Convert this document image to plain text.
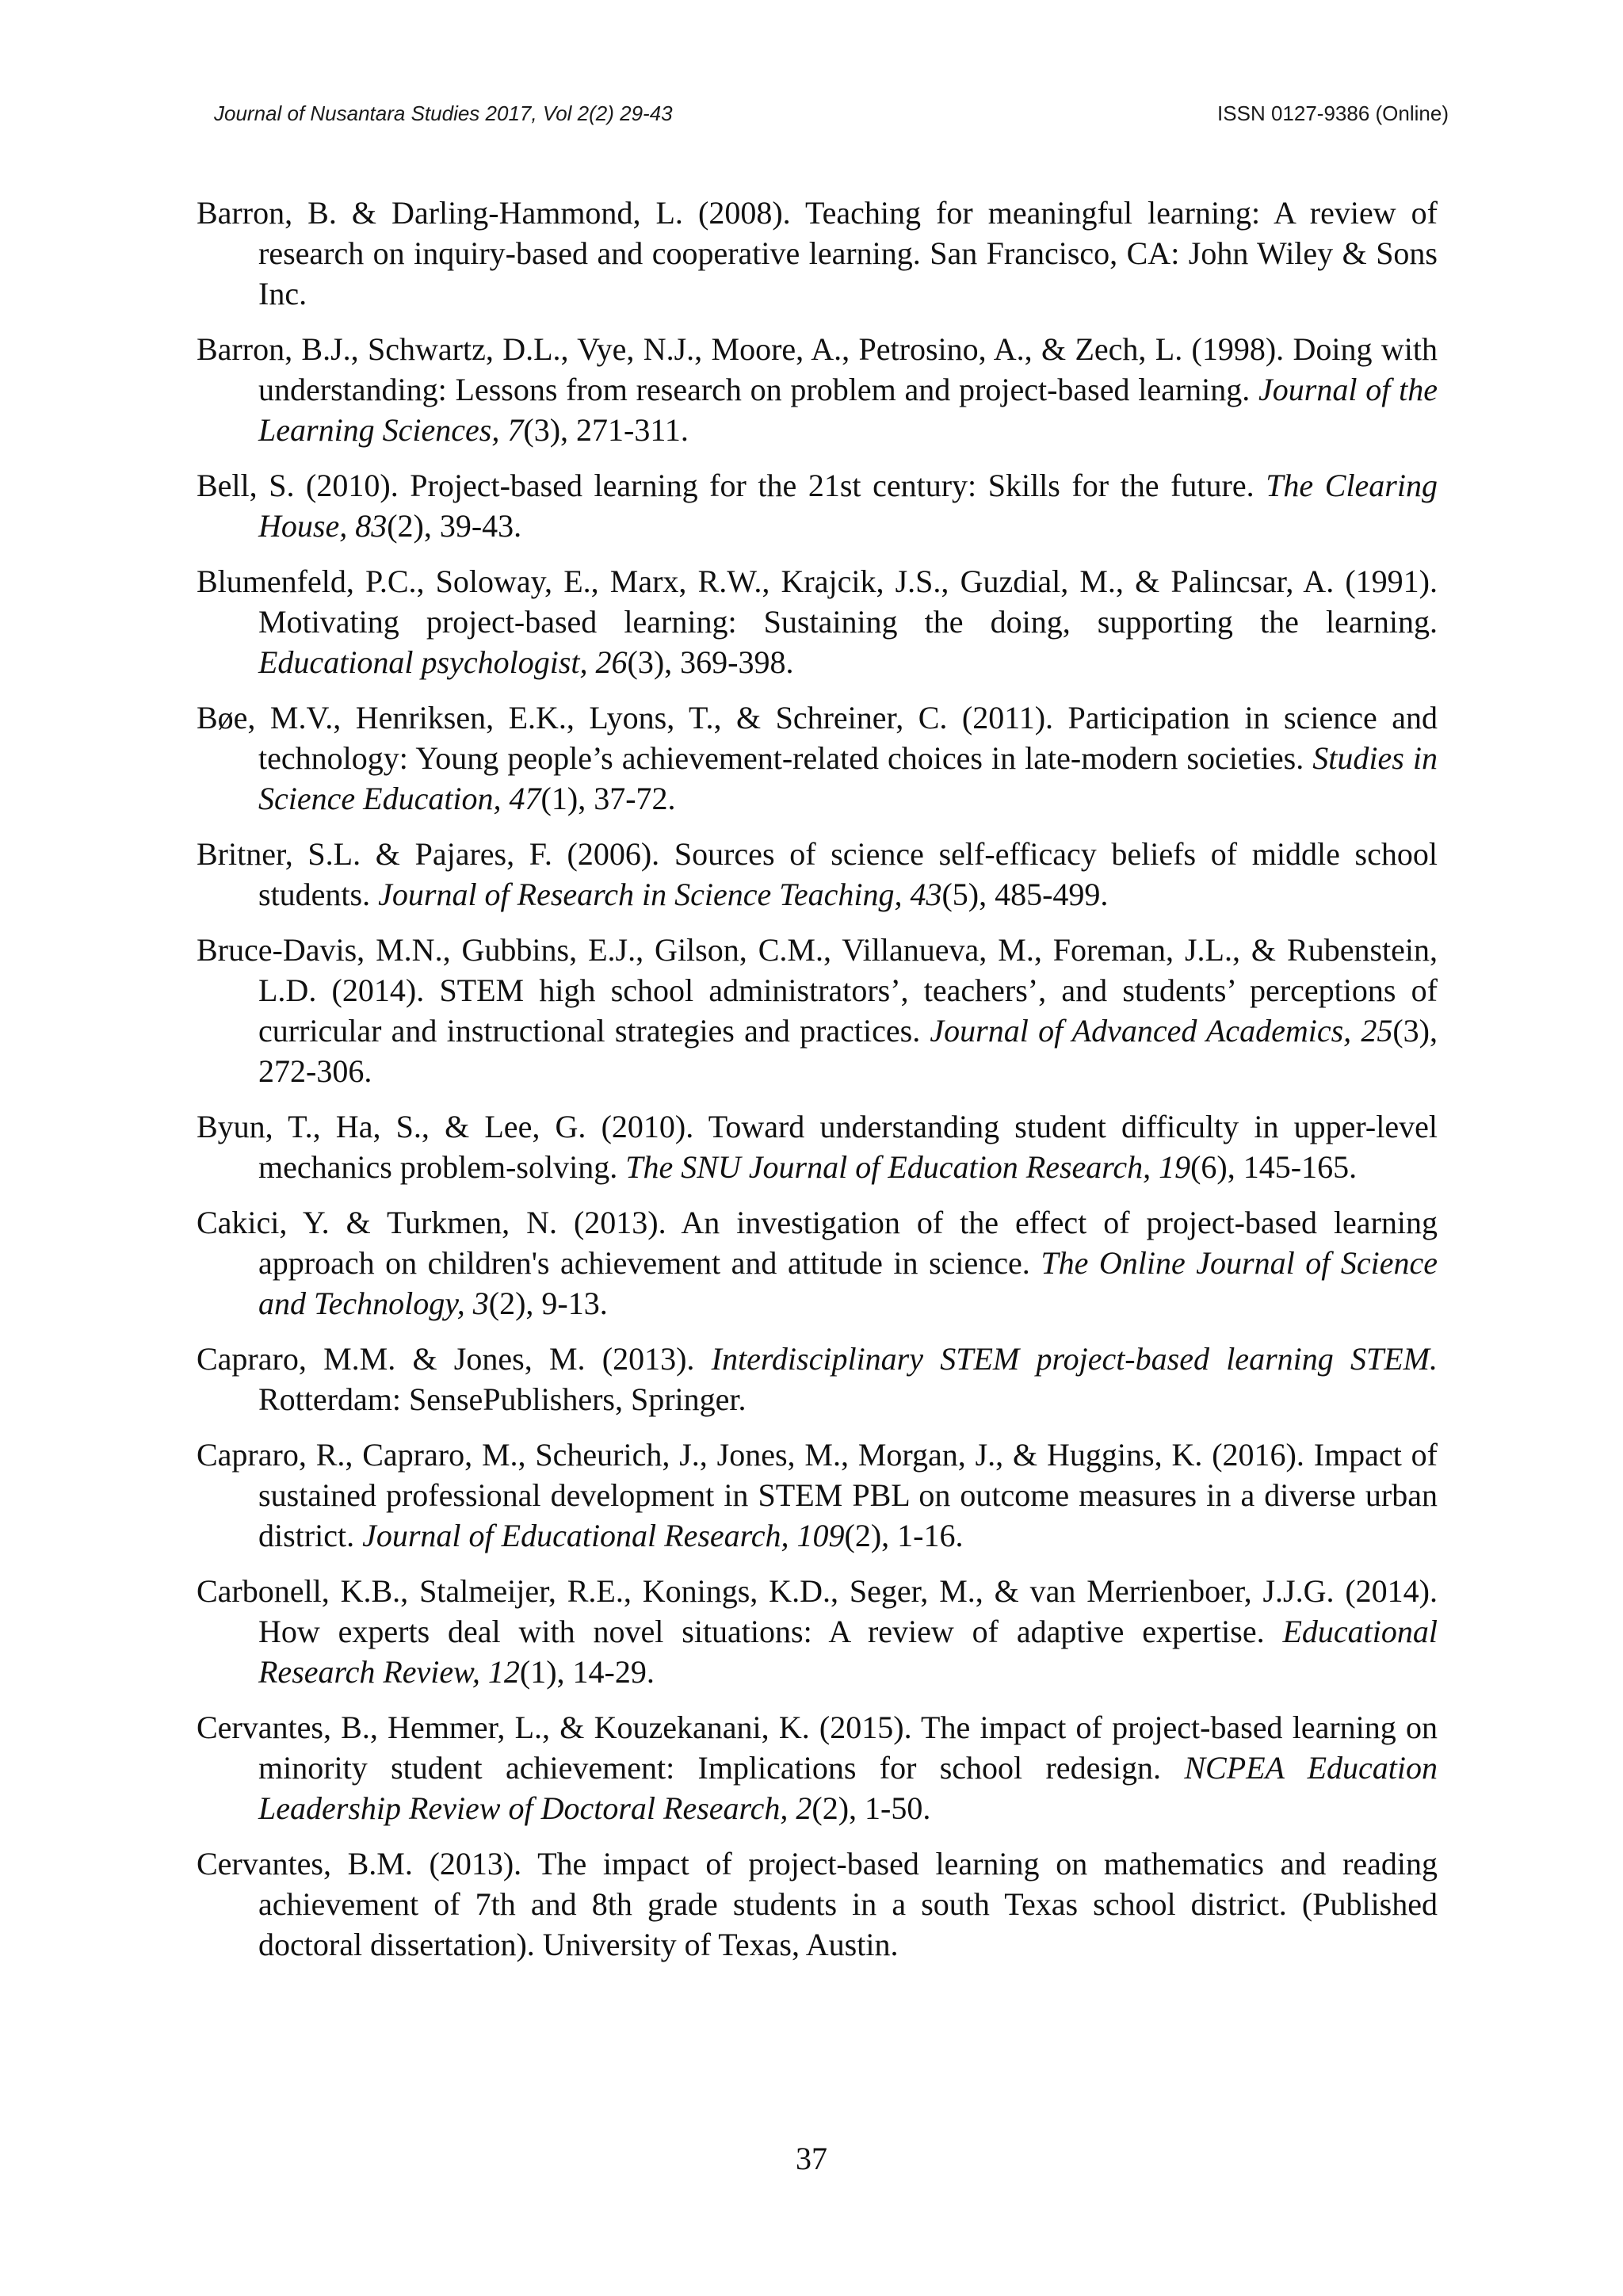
Journal of Nusantara Studies 2017, Vol 2(2) 29-43	ISSN 0127-9386 (Online)

Barron, B. & Darling-Hammond, L. (2008). Teaching for meaningful learning: A review of research on inquiry-based and cooperative learning. San Francisco, CA: John Wiley & Sons Inc.

Barron, B.J., Schwartz, D.L., Vye, N.J., Moore, A., Petrosino, A., & Zech, L. (1998). Doing with understanding: Lessons from research on problem and project-based learning. Journal of the Learning Sciences, 7(3), 271-311.

Bell, S. (2010). Project-based learning for the 21st century: Skills for the future. The Clearing House, 83(2), 39-43.

Blumenfeld, P.C., Soloway, E., Marx, R.W., Krajcik, J.S., Guzdial, M., & Palincsar, A. (1991). Motivating project-based learning: Sustaining the doing, supporting the learning. Educational psychologist, 26(3), 369-398.

Bøe, M.V., Henriksen, E.K., Lyons, T., & Schreiner, C. (2011). Participation in science and technology: Young people’s achievement-related choices in late-modern societies. Studies in Science Education, 47(1), 37-72.

Britner, S.L. & Pajares, F. (2006). Sources of science self-efficacy beliefs of middle school students. Journal of Research in Science Teaching, 43(5), 485-499.

Bruce-Davis, M.N., Gubbins, E.J., Gilson, C.M., Villanueva, M., Foreman, J.L., & Rubenstein, L.D. (2014). STEM high school administrators’, teachers’, and students’ perceptions of curricular and instructional strategies and practices. Journal of Advanced Academics, 25(3), 272-306.

Byun, T., Ha, S., & Lee, G. (2010). Toward understanding student difficulty in upper-level mechanics problem-solving. The SNU Journal of Education Research, 19(6), 145-165.

Cakici, Y. & Turkmen, N. (2013). An investigation of the effect of project-based learning approach on children's achievement and attitude in science. The Online Journal of Science and Technology, 3(2), 9-13.

Capraro, M.M. & Jones, M. (2013). Interdisciplinary STEM project-based learning STEM. Rotterdam: SensePublishers, Springer.

Capraro, R., Capraro, M., Scheurich, J., Jones, M., Morgan, J., & Huggins, K. (2016). Impact of sustained professional development in STEM PBL on outcome measures in a diverse urban district. Journal of Educational Research, 109(2), 1-16.

Carbonell, K.B., Stalmeijer, R.E., Konings, K.D., Seger, M., & van Merrienboer, J.J.G. (2014). How experts deal with novel situations: A review of adaptive expertise. Educational Research Review, 12(1), 14-29.

Cervantes, B., Hemmer, L., & Kouzekanani, K. (2015). The impact of project-based learning on minority student achievement: Implications for school redesign. NCPEA Education Leadership Review of Doctoral Research, 2(2), 1-50.

Cervantes, B.M. (2013). The impact of project-based learning on mathematics and reading achievement of 7th and 8th grade students in a south Texas school district. (Published doctoral dissertation). University of Texas, Austin.

37
